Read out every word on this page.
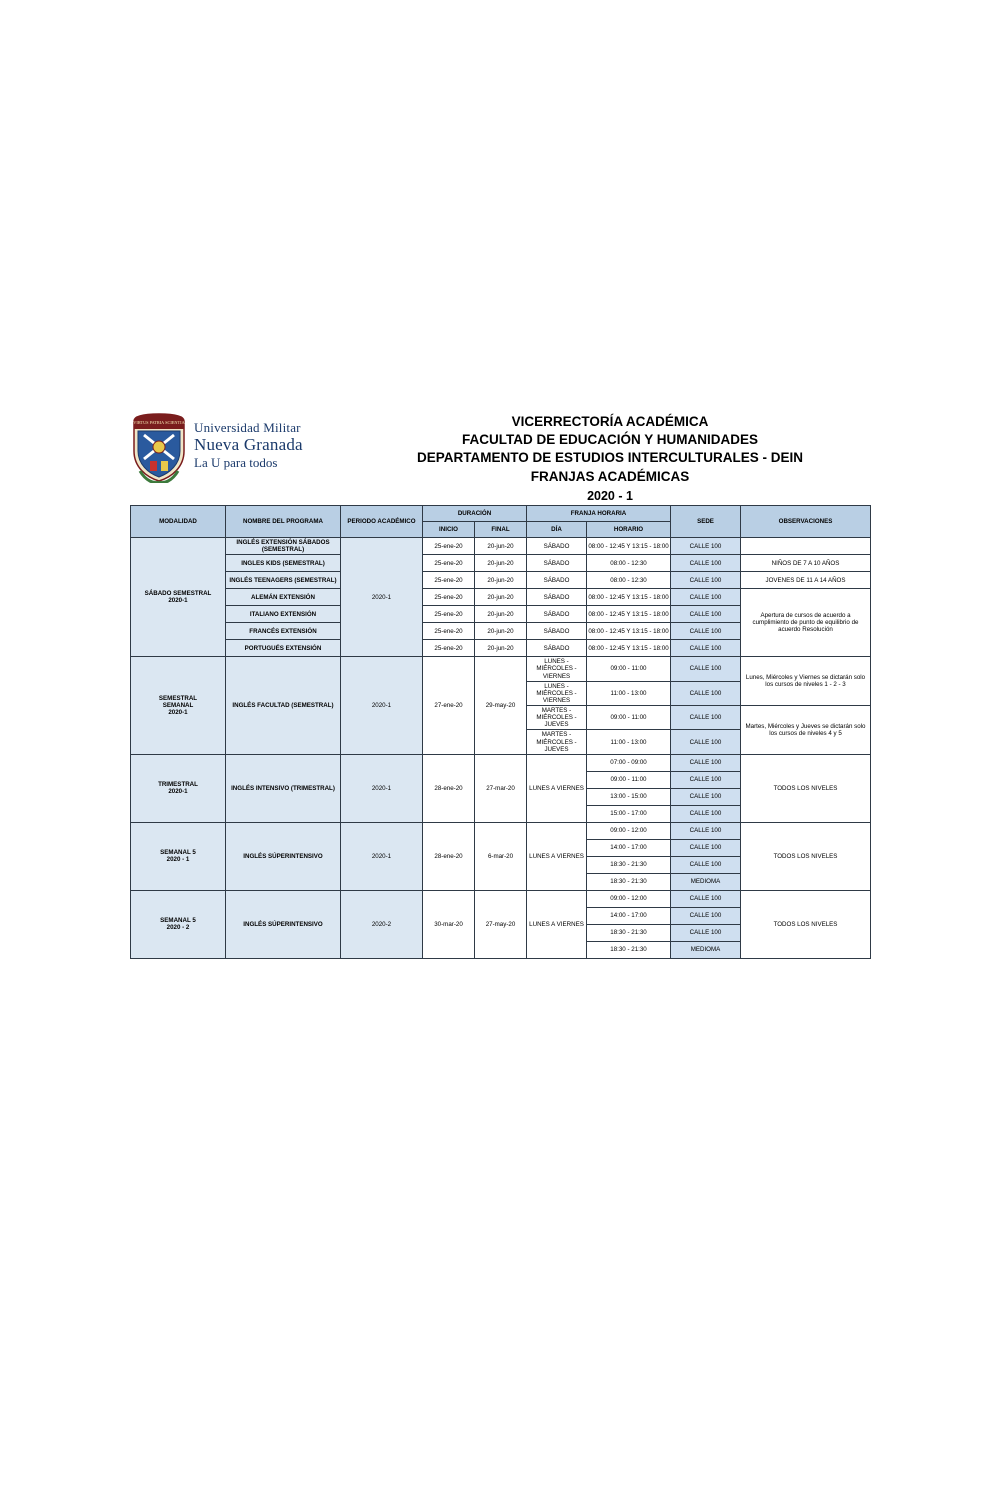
VIRTUS PATRIA SCIENTIA Universidad Militar
Nueva Granada
La U para todos
VICERRECTORÍA ACADÉMICA
FACULTAD DE EDUCACIÓN Y HUMANIDADES
DEPARTAMENTO DE ESTUDIOS INTERCULTURALES - DEIN
FRANJAS ACADÉMICAS
2020 - 1
MODALIDAD	NOMBRE DEL PROGRAMA	PERIODO ACADÉMICO	DURACIÓN		FRANJA HORARIA		SEDE	OBSERVACIONES
			INICIO	FINAL	DÍA	HORARIO		
SÁBADO SEMESTRAL
2020-1	INGLÉS EXTENSIÓN SÁBADOS (SEMESTRAL)	2020-1	25-ene-20	20-jun-20	SÁBADO	08:00 - 12:45 Y 13:15 - 18:00	CALLE 100	
	INGLES KIDS (SEMESTRAL)		25-ene-20	20-jun-20	SÁBADO	08:00 - 12:30	CALLE 100	NIÑOS DE 7 A 10 AÑOS
	INGLÉS TEENAGERS (SEMESTRAL)		25-ene-20	20-jun-20	SÁBADO	08:00 - 12:30	CALLE 100	JOVENES DE 11 A 14 AÑOS
	ALEMÁN EXTENSIÓN		25-ene-20	20-jun-20	SÁBADO	08:00 - 12:45 Y 13:15 - 18:00	CALLE 100	Apertura de cursos de acuerdo a cumplimiento de punto de equilibrio de acuerdo Resolución
	ITALIANO EXTENSIÓN		25-ene-20	20-jun-20	SÁBADO	08:00 - 12:45 Y 13:15 - 18:00	CALLE 100	
	FRANCÉS EXTENSIÓN		25-ene-20	20-jun-20	SÁBADO	08:00 - 12:45 Y 13:15 - 18:00	CALLE 100	
	PORTUGUÉS EXTENSIÓN		25-ene-20	20-jun-20	SÁBADO	08:00 - 12:45 Y 13:15 - 18:00	CALLE 100	
SEMESTRAL
SEMANAL
2020-1	INGLÉS FACULTAD (SEMESTRAL)	2020-1	27-ene-20	29-may-20	LUNES - MIÉRCOLES - VIERNES	09:00 - 11:00	CALLE 100	Lunes, Miércoles y Viernes se dictarán solo los cursos de niveles 1 - 2 - 3
					LUNES - MIÉRCOLES - VIERNES	11:00 - 13:00	CALLE 100	
					MARTES - MIÉRCOLES - JUEVES	09:00 - 11:00	CALLE 100	Martes, Miércoles y Jueves se dictarán solo los cursos de niveles 4 y 5
					MARTES - MIÉRCOLES - JUEVES	11:00 - 13:00	CALLE 100	
TRIMESTRAL
2020-1	INGLÉS INTENSIVO (TRIMESTRAL)	2020-1	28-ene-20	27-mar-20	LUNES A VIERNES	07:00 - 09:00	CALLE 100	TODOS LOS NIVELES
						09:00 - 11:00	CALLE 100	
						13:00 - 15:00	CALLE 100	
						15:00 - 17:00	CALLE 100	
SEMANAL 5
2020 - 1	INGLÉS SÚPERINTENSIVO	2020-1	28-ene-20	6-mar-20	LUNES A VIERNES	09:00 - 12:00	CALLE 100	TODOS LOS NIVELES
						14:00 - 17:00	CALLE 100	
						18:30 - 21:30	CALLE 100	
						18:30 - 21:30	MEDIOMA	
SEMANAL 5
2020 - 2	INGLÉS SÚPERINTENSIVO	2020-2	30-mar-20	27-may-20	LUNES A VIERNES	09:00 - 12:00	CALLE 100	TODOS LOS NIVELES
						14:00 - 17:00	CALLE 100	
						18:30 - 21:30	CALLE 100	
						18:30 - 21:30	MEDIOMA	
